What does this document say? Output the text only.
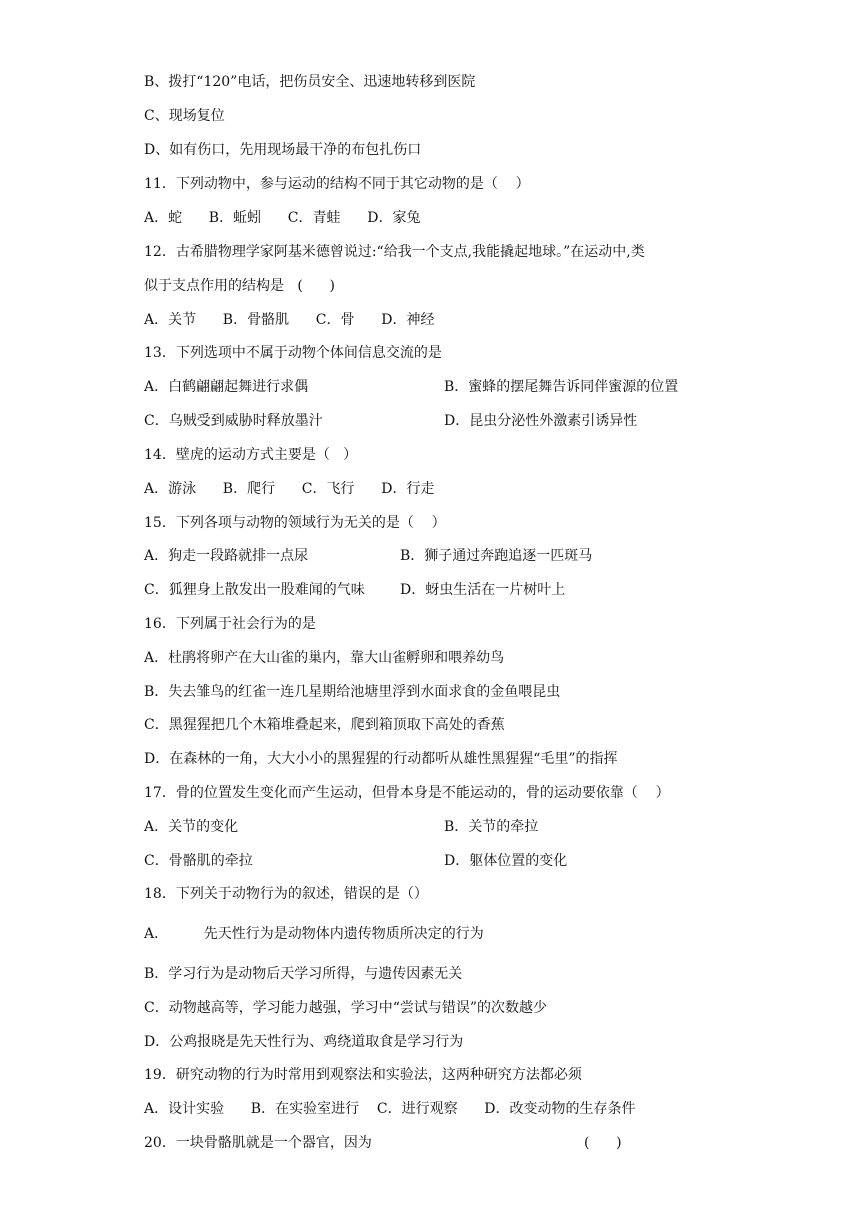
B、拨打“120”电话，把伤员安全、迅速地转移到医院
C、现场复位
D、如有伤口，先用现场最干净的布包扎伤口
11．下列动物中，参与运动的结构不同于其它动物的是（    ）
A．蛇      B．蚯蚓      C．青蛙      D．家兔
12．古希腊物理学家阿基米德曾说过:“给我一个支点,我能撬起地球。”在运动中,类
似于支点作用的结构是   (      )
A．关节      B．骨骼肌      C．骨      D．神经
13．下列选项中不属于动物个体间信息交流的是
A．白鹤翩翩起舞进行求偶	B．蜜蜂的摆尾舞告诉同伴蜜源的位置
C．乌贼受到威胁时释放墨汁	D．昆虫分泌性外激素引诱异性
14．壁虎的运动方式主要是（   ）
A．游泳      B．爬行      C．飞行      D．行走
15．下列各项与动物的领域行为无关的是（    ）
A．狗走一段路就排一点尿	B．狮子通过奔跑追逐一匹斑马
C．狐狸身上散发出一股难闻的气味	D．蚜虫生活在一片树叶上
16．下列属于社会行为的是
A．杜鹃将卵产在大山雀的巢内，靠大山雀孵卵和喂养幼鸟
B．失去雏鸟的红雀一连几星期给池塘里浮到水面求食的金鱼喂昆虫
C．黑猩猩把几个木箱堆叠起来，爬到箱顶取下高处的香蕉
D．在森林的一角，大大小小的黑猩猩的行动都听从雄性黑猩猩“毛里”的指挥
17．骨的位置发生变化而产生运动，但骨本身是不能运动的，骨的运动要依靠（    ）
A．关节的变化	B．关节的牵拉
C．骨骼肌的牵拉	D．躯体位置的变化
18．下列关于动物行为的叙述，错误的是（）
A．        先天性行为是动物体内遗传物质所决定的行为
B．学习行为是动物后天学习所得，与遗传因素无关
C．动物越高等，学习能力越强，学习中“尝试与错误”的次数越少
D．公鸡报晓是先天性行为、鸡绕道取食是学习行为
19．研究动物的行为时常用到观察法和实验法，这两种研究方法都必须
A．设计实验      B．在实验室进行    C．进行观察      D．改变动物的生存条件
20．一块骨骼肌就是一个器官，因为	(      )
